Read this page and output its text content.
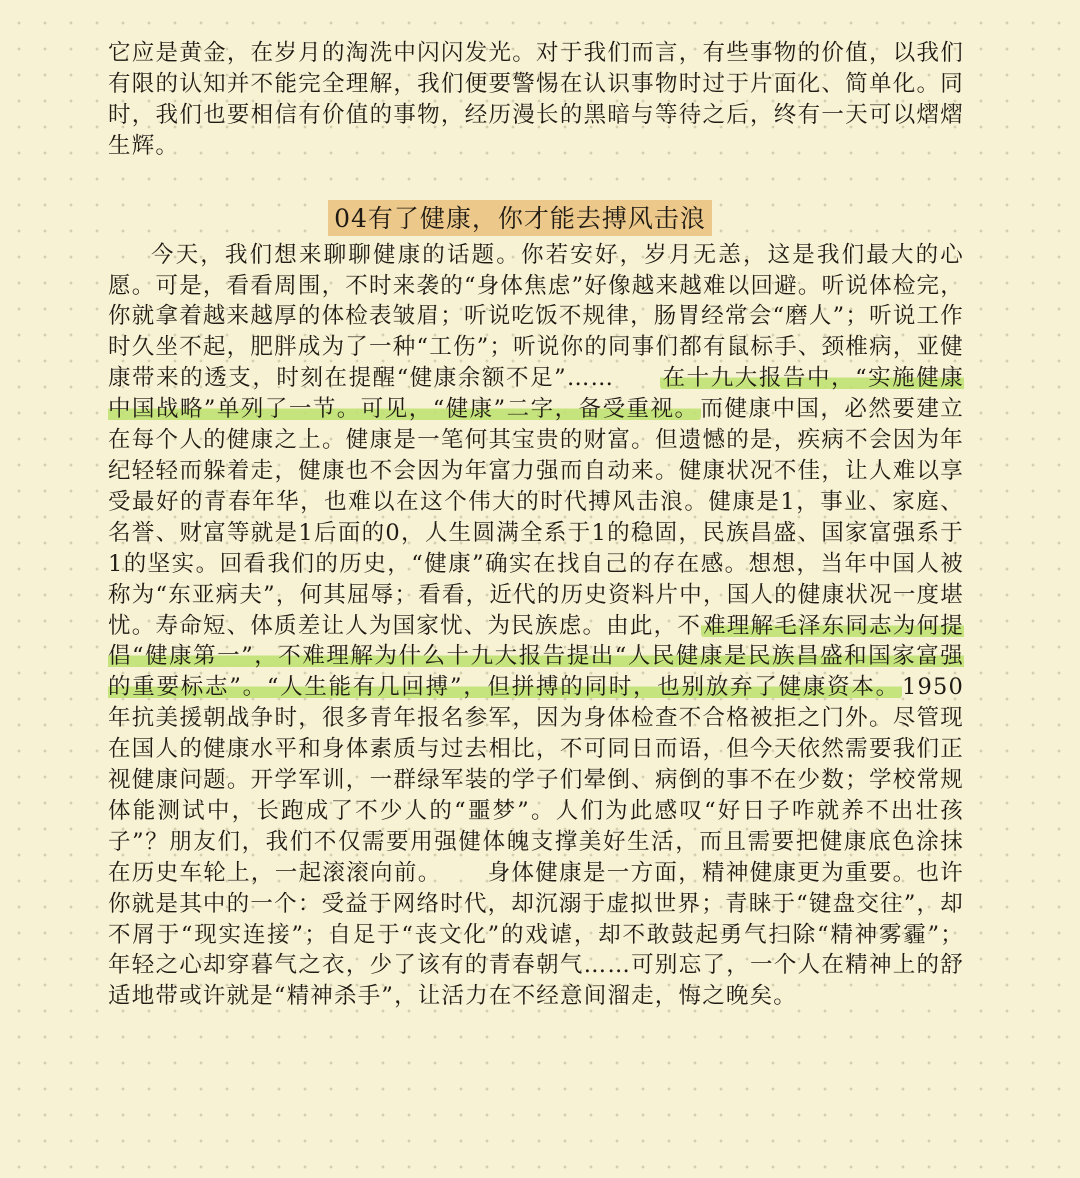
它应是黄金，在岁月的淘洗中闪闪发光。对于我们而言，有些事物的价值，以我们有限的认知并不能完全理解，我们便要警惕在认识事物时过于片面化、简单化。同时，我们也要相信有价值的事物，经历漫长的黑暗与等待之后，终有一天可以熠熠生辉。

04有了健康，你才能去搏风击浪

今天，我们想来聊聊健康的话题。你若安好，岁月无恙，这是我们最大的心愿。可是，看看周围，不时来袭的“身体焦虑”好像越来越难以回避。听说体检完，你就拿着越来越厚的体检表皱眉；听说吃饭不规律，肠胃经常会“磨人”；听说工作时久坐不起，肥胖成为了一种“工伤”；听说你的同事们都有鼠标手、颈椎病，亚健康带来的透支，时刻在提醒“健康余额不足”…… 在十九大报告中，“实施健康中国战略”单列了一节。可见，“健康”二字，备受重视。而健康中国，必然要建立在每个人的健康之上。健康是一笔何其宝贵的财富。但遗憾的是，疾病不会因为年纪轻轻而躲着走，健康也不会因为年富力强而自动来。健康状况不佳，让人难以享受最好的青春年华，也难以在这个伟大的时代搏风击浪。健康是1，事业、家庭、名誉、财富等就是1后面的0，人生圆满全系于1的稳固，民族昌盛、国家富强系于1的坚实。回看我们的历史，“健康”确实在找自己的存在感。想想，当年中国人被称为“东亚病夫”，何其屈辱；看看，近代的历史资料片中，国人的健康状况一度堪忧。寿命短、体质差让人为国家忧、为民族虑。由此，不难理解毛泽东同志为何提倡“健康第一”，不难理解为什么十九大报告提出“人民健康是民族昌盛和国家富强的重要标志”。“人生能有几回搏”，但拼搏的同时，也别放弃了健康资本。1950年抗美援朝战争时，很多青年报名参军，因为身体检查不合格被拒之门外。尽管现在国人的健康水平和身体素质与过去相比，不可同日而语，但今天依然需要我们正视健康问题。开学军训，一群绿军装的学子们晕倒、病倒的事不在少数；学校常规体能测试中，长跑成了不少人的“噩梦”。人们为此感叹“好日子咋就养不出壮孩子”？朋友们，我们不仅需要用强健体魄支撑美好生活，而且需要把健康底色涂抹在历史车轮上，一起滚滚向前。 身体健康是一方面，精神健康更为重要。也许你就是其中的一个：受益于网络时代，却沉溺于虚拟世界；青睐于“键盘交往”，却不屑于“现实连接”；自足于“丧文化”的戏谑，却不敢鼓起勇气扫除“精神雾霾”；年轻之心却穿暮气之衣，少了该有的青春朝气……可别忘了，一个人在精神上的舒适地带或许就是“精神杀手”，让活力在不经意间溜走，悔之晚矣。
